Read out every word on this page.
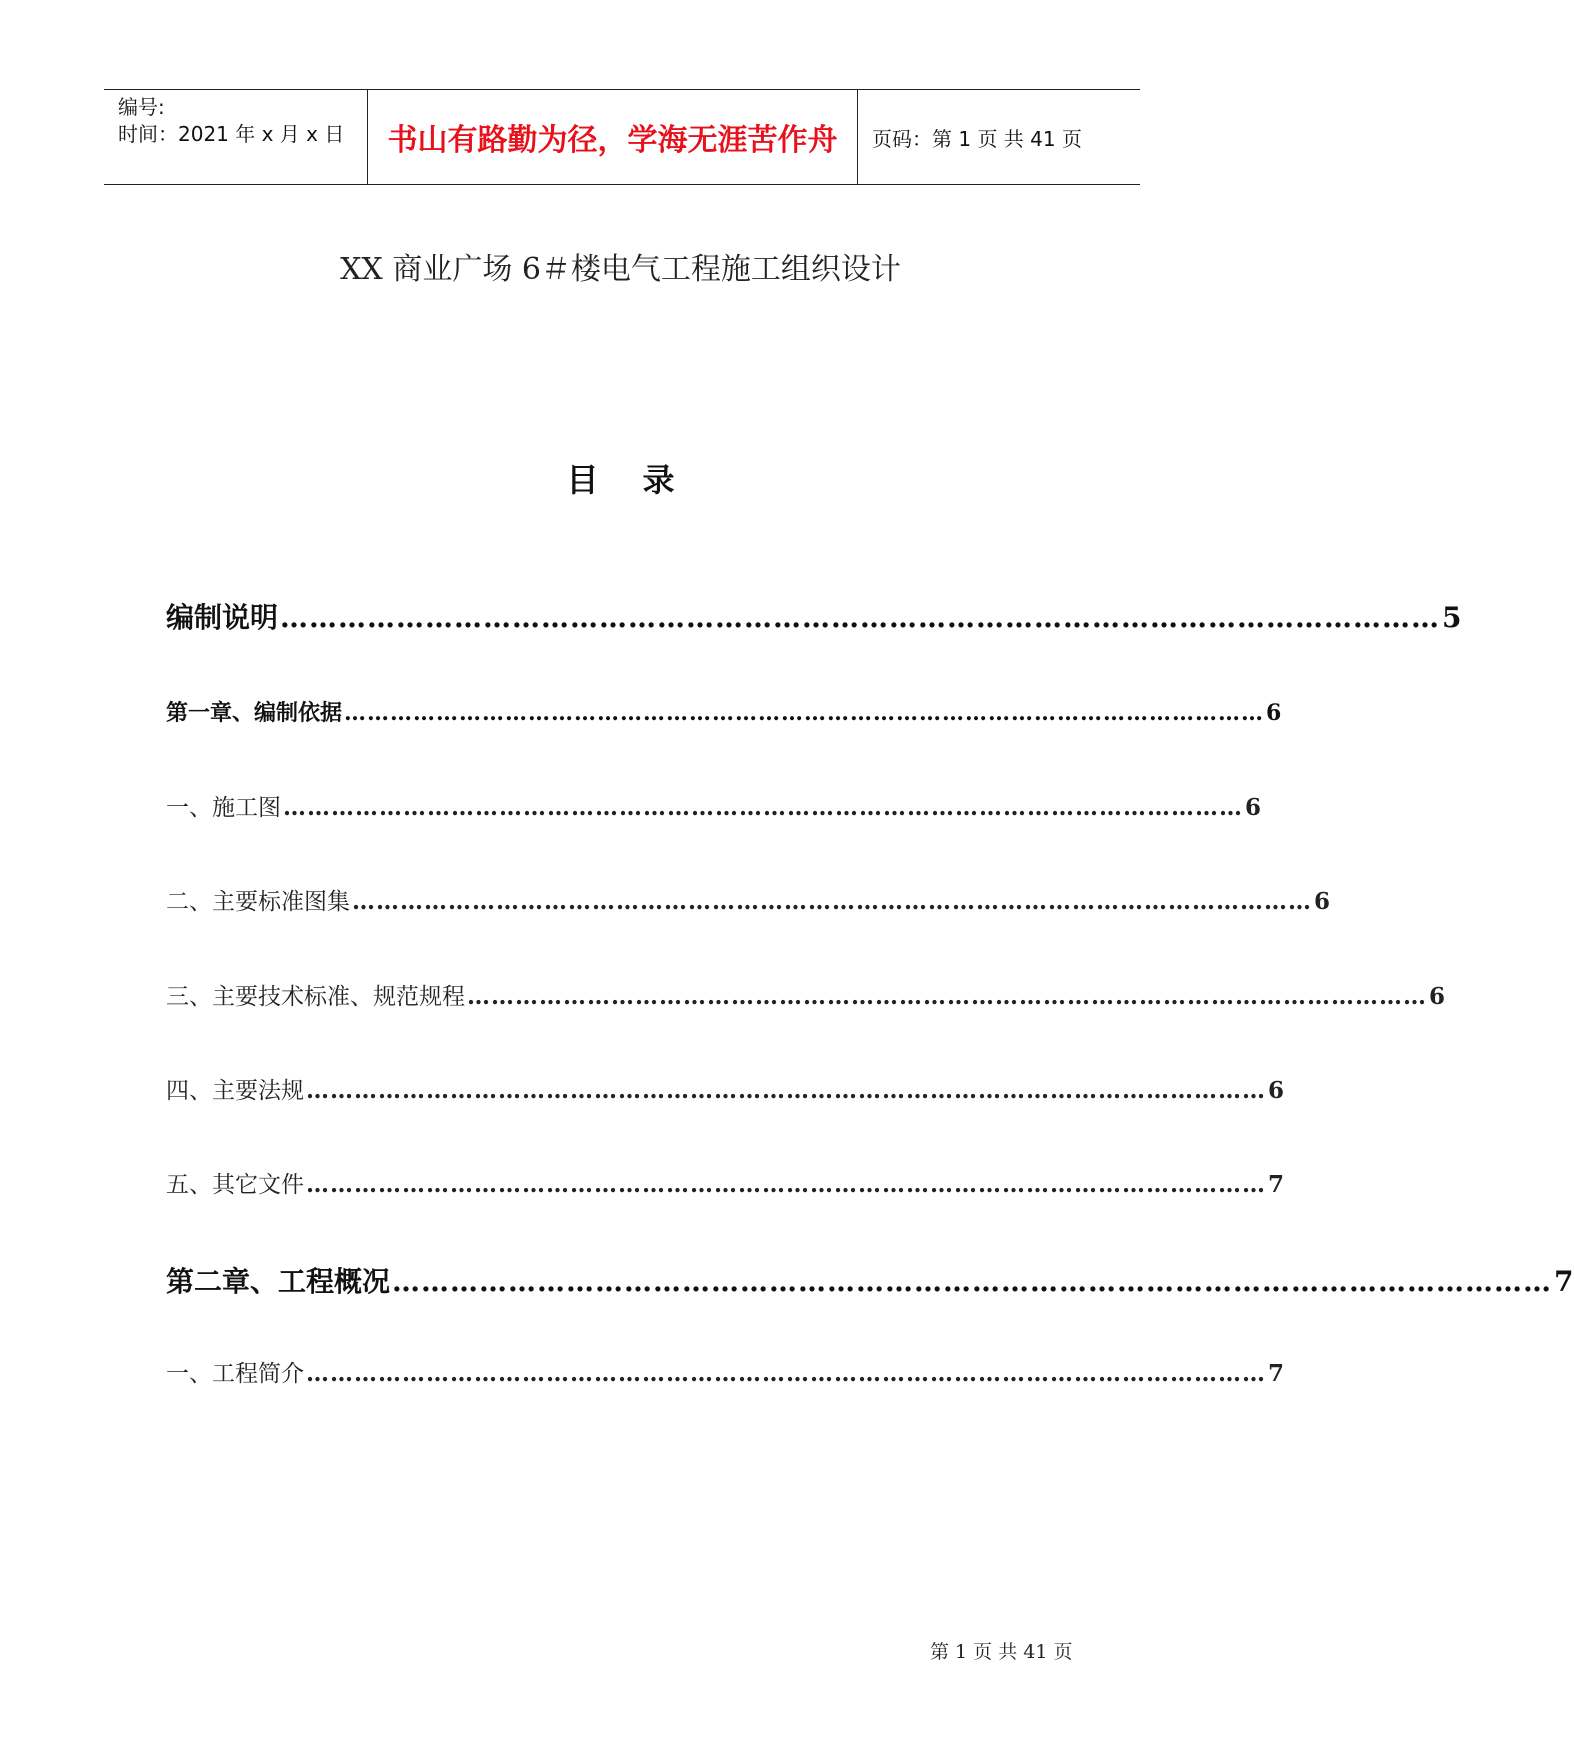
编号:
时间：2021 年 x 月 x 日	书山有路勤为径，学海无涯苦作舟	页码：第 1 页 共 41 页
XX 商业广场 6＃楼电气工程施工组织设计
目录
编制说明 ………………………………………………………………………………………………………… 5
第一章、编制依据 ………………………………………………………………………………………………………… 6
一、施工图 ………………………………………………………………………………………………………… 6
二、主要标准图集 ………………………………………………………………………………………………………… 6
三、主要技术标准、规范规程 ………………………………………………………………………………………………………… 6
四、主要法规 ………………………………………………………………………………………………………… 6
五、其它文件 ………………………………………………………………………………………………………… 7
第二章、工程概况 ………………………………………………………………………………………………………… 7
一、工程简介 ………………………………………………………………………………………………………… 7
第 1 页 共 41 页
